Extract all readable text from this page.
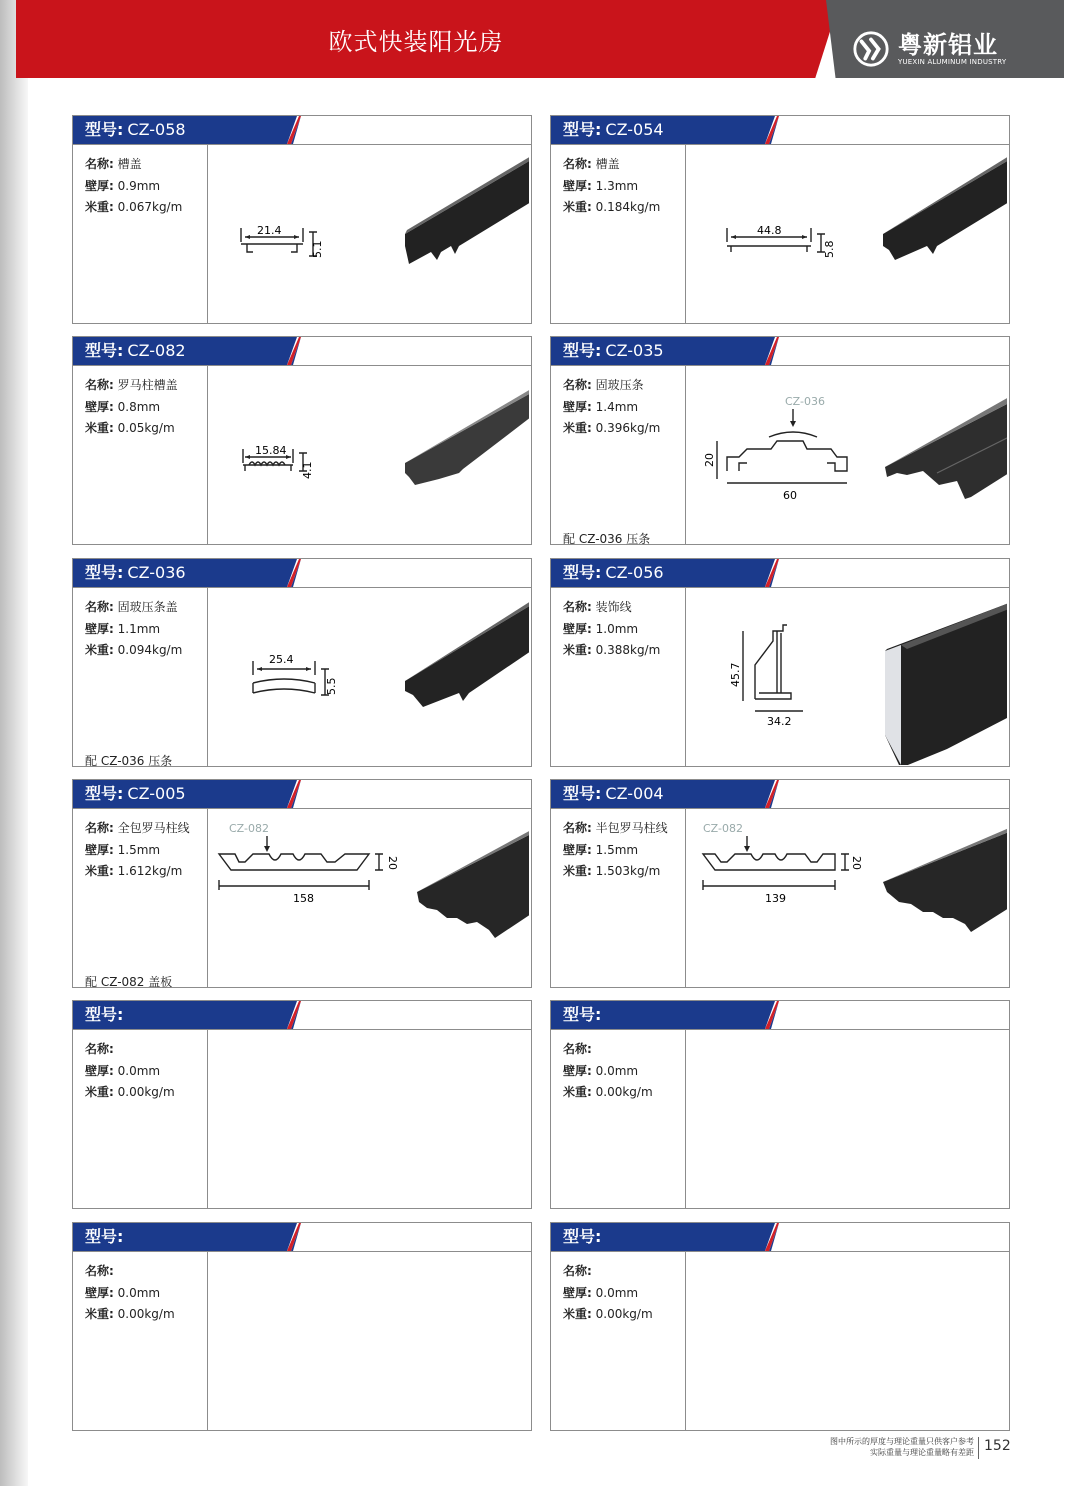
欧式快装阳光房	粤新铝业
YUEXIN ALUMINUM INDUSTRY
型号: CZ-058
名称: 槽盖
壁厚: 0.9mm
米重: 0.067kg/m
21.4
5.1
型号: CZ-054
名称: 槽盖
壁厚: 1.3mm
米重: 0.184kg/m
44.8
5.8
型号: CZ-082
名称: 罗马柱槽盖
壁厚: 0.8mm
米重: 0.05kg/m
15.84
4.1
型号: CZ-035
名称: 固玻压条
壁厚: 1.4mm
米重: 0.396kg/m
配 CZ-036 压条
CZ-036
20
60
型号: CZ-036
名称: 固玻压条盖
壁厚: 1.1mm
米重: 0.094kg/m
配 CZ-036 压条
25.4
5.5
型号: CZ-056
名称: 装饰线
壁厚: 1.0mm
米重: 0.388kg/m
45.7
34.2
型号: CZ-005
名称: 全包罗马柱线
壁厚: 1.5mm
米重: 1.612kg/m
配 CZ-082 盖板
CZ-082
158
20
型号: CZ-004
名称: 半包罗马柱线
壁厚: 1.5mm
米重: 1.503kg/m
CZ-082
139
20
型号:
名称:
壁厚: 0.0mm
米重: 0.00kg/m
型号:
名称:
壁厚: 0.0mm
米重: 0.00kg/m
型号:
名称:
壁厚: 0.0mm
米重: 0.00kg/m
型号:
名称:
壁厚: 0.0mm
米重: 0.00kg/m
图中所示的厚度与理论重量只供客户参考
实际重量与理论重量略有差距 152
